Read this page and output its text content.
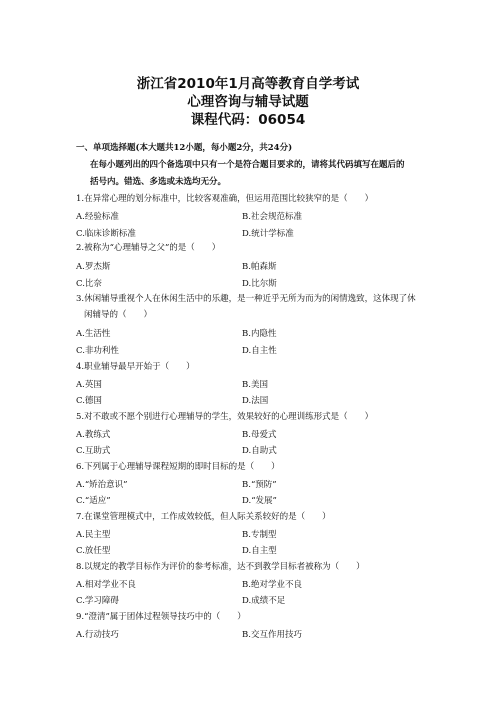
浙江省2010年1月高等教育自学考试
心理咨询与辅导试题
课程代码：06054
一、单项选择题(本大题共12小题，每小题2分，共24分)
在每小题列出的四个备选项中只有一个是符合题目要求的，请将其代码填写在题后的
括号内。错选、多选或未选均无分。
1.在异常心理的划分标准中，比较客观准确，但运用范围比较狭窄的是（　　）
A.经验标准	B.社会规范标准
C.临床诊断标准	D.统计学标准
2.被称为“心理辅导之父”的是（　　）
A.罗杰斯	B.帕森斯
C.比奈	D.比尔斯
3.休闲辅导重视个人在休闲生活中的乐趣，是一种近乎无所为而为的闲情逸致，这体现了休
闲辅导的（　　）
A.生活性	B.内隐性
C.非功利性	D.自主性
4.职业辅导最早开始于（　　）
A.英国	B.美国
C.德国	D.法国
5.对不敢或不愿个别进行心理辅导的学生，效果较好的心理训练形式是（　　）
A.教练式	B.母爱式
C.互助式	D.自助式
6.下列属于心理辅导课程短期的即时目标的是（　　）
A.“矫治意识”	B.“预防”
C.“适应”	D.“发展”
7.在课堂管理模式中，工作成效较低，但人际关系较好的是（　　）
A.民主型	B.专制型
C.放任型	D.自主型
8.以规定的教学目标作为评价的参考标准，达不到教学目标者被称为（　　）
A.相对学业不良	B.绝对学业不良
C.学习障碍	D.成绩不足
9.“澄清”属于团体过程领导技巧中的（　　）
A.行动技巧	B.交互作用技巧
